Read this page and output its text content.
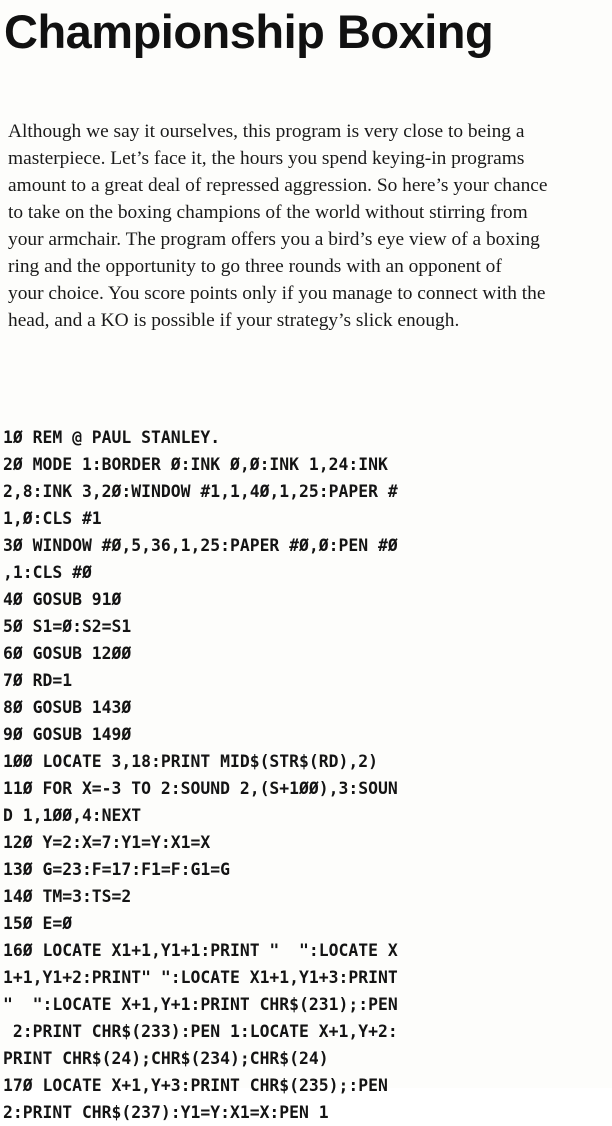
Championship Boxing
Although we say it ourselves, this program is very close to being a
masterpiece. Let’s face it, the hours you spend keying-in programs
amount to a great deal of repressed aggression. So here’s your chance
to take on the boxing champions of the world without stirring from
your armchair. The program offers you a bird’s eye view of a boxing
ring and the opportunity to go three rounds with an opponent of
your choice. You score points only if you manage to connect with the
head, and a KO is possible if your strategy’s slick enough.
1Ø REM @ PAUL STANLEY.
2Ø MODE 1:BORDER Ø:INK Ø,Ø:INK 1,24:INK
2,8:INK 3,2Ø:WINDOW #1,1,4Ø,1,25:PAPER #
1,Ø:CLS #1
3Ø WINDOW #Ø,5,36,1,25:PAPER #Ø,Ø:PEN #Ø
,1:CLS #Ø
4Ø GOSUB 91Ø
5Ø S1=Ø:S2=S1
6Ø GOSUB 12ØØ
7Ø RD=1
8Ø GOSUB 143Ø
9Ø GOSUB 149Ø
1ØØ LOCATE 3,18:PRINT MID$(STR$(RD),2)
11Ø FOR X=-3 TO 2:SOUND 2,(S+1ØØ),3:SOUN
D 1,1ØØ,4:NEXT
12Ø Y=2:X=7:Y1=Y:X1=X
13Ø G=23:F=17:F1=F:G1=G
14Ø TM=3:TS=2
15Ø E=Ø
16Ø LOCATE X1+1,Y1+1:PRINT "  ":LOCATE X
1+1,Y1+2:PRINT" ":LOCATE X1+1,Y1+3:PRINT
"  ":LOCATE X+1,Y+1:PRINT CHR$(231);:PEN
2:PRINT CHR$(233):PEN 1:LOCATE X+1,Y+2:
PRINT CHR$(24);CHR$(234);CHR$(24)
17Ø LOCATE X+1,Y+3:PRINT CHR$(235);:PEN
2:PRINT CHR$(237):Y1=Y:X1=X:PEN 1
